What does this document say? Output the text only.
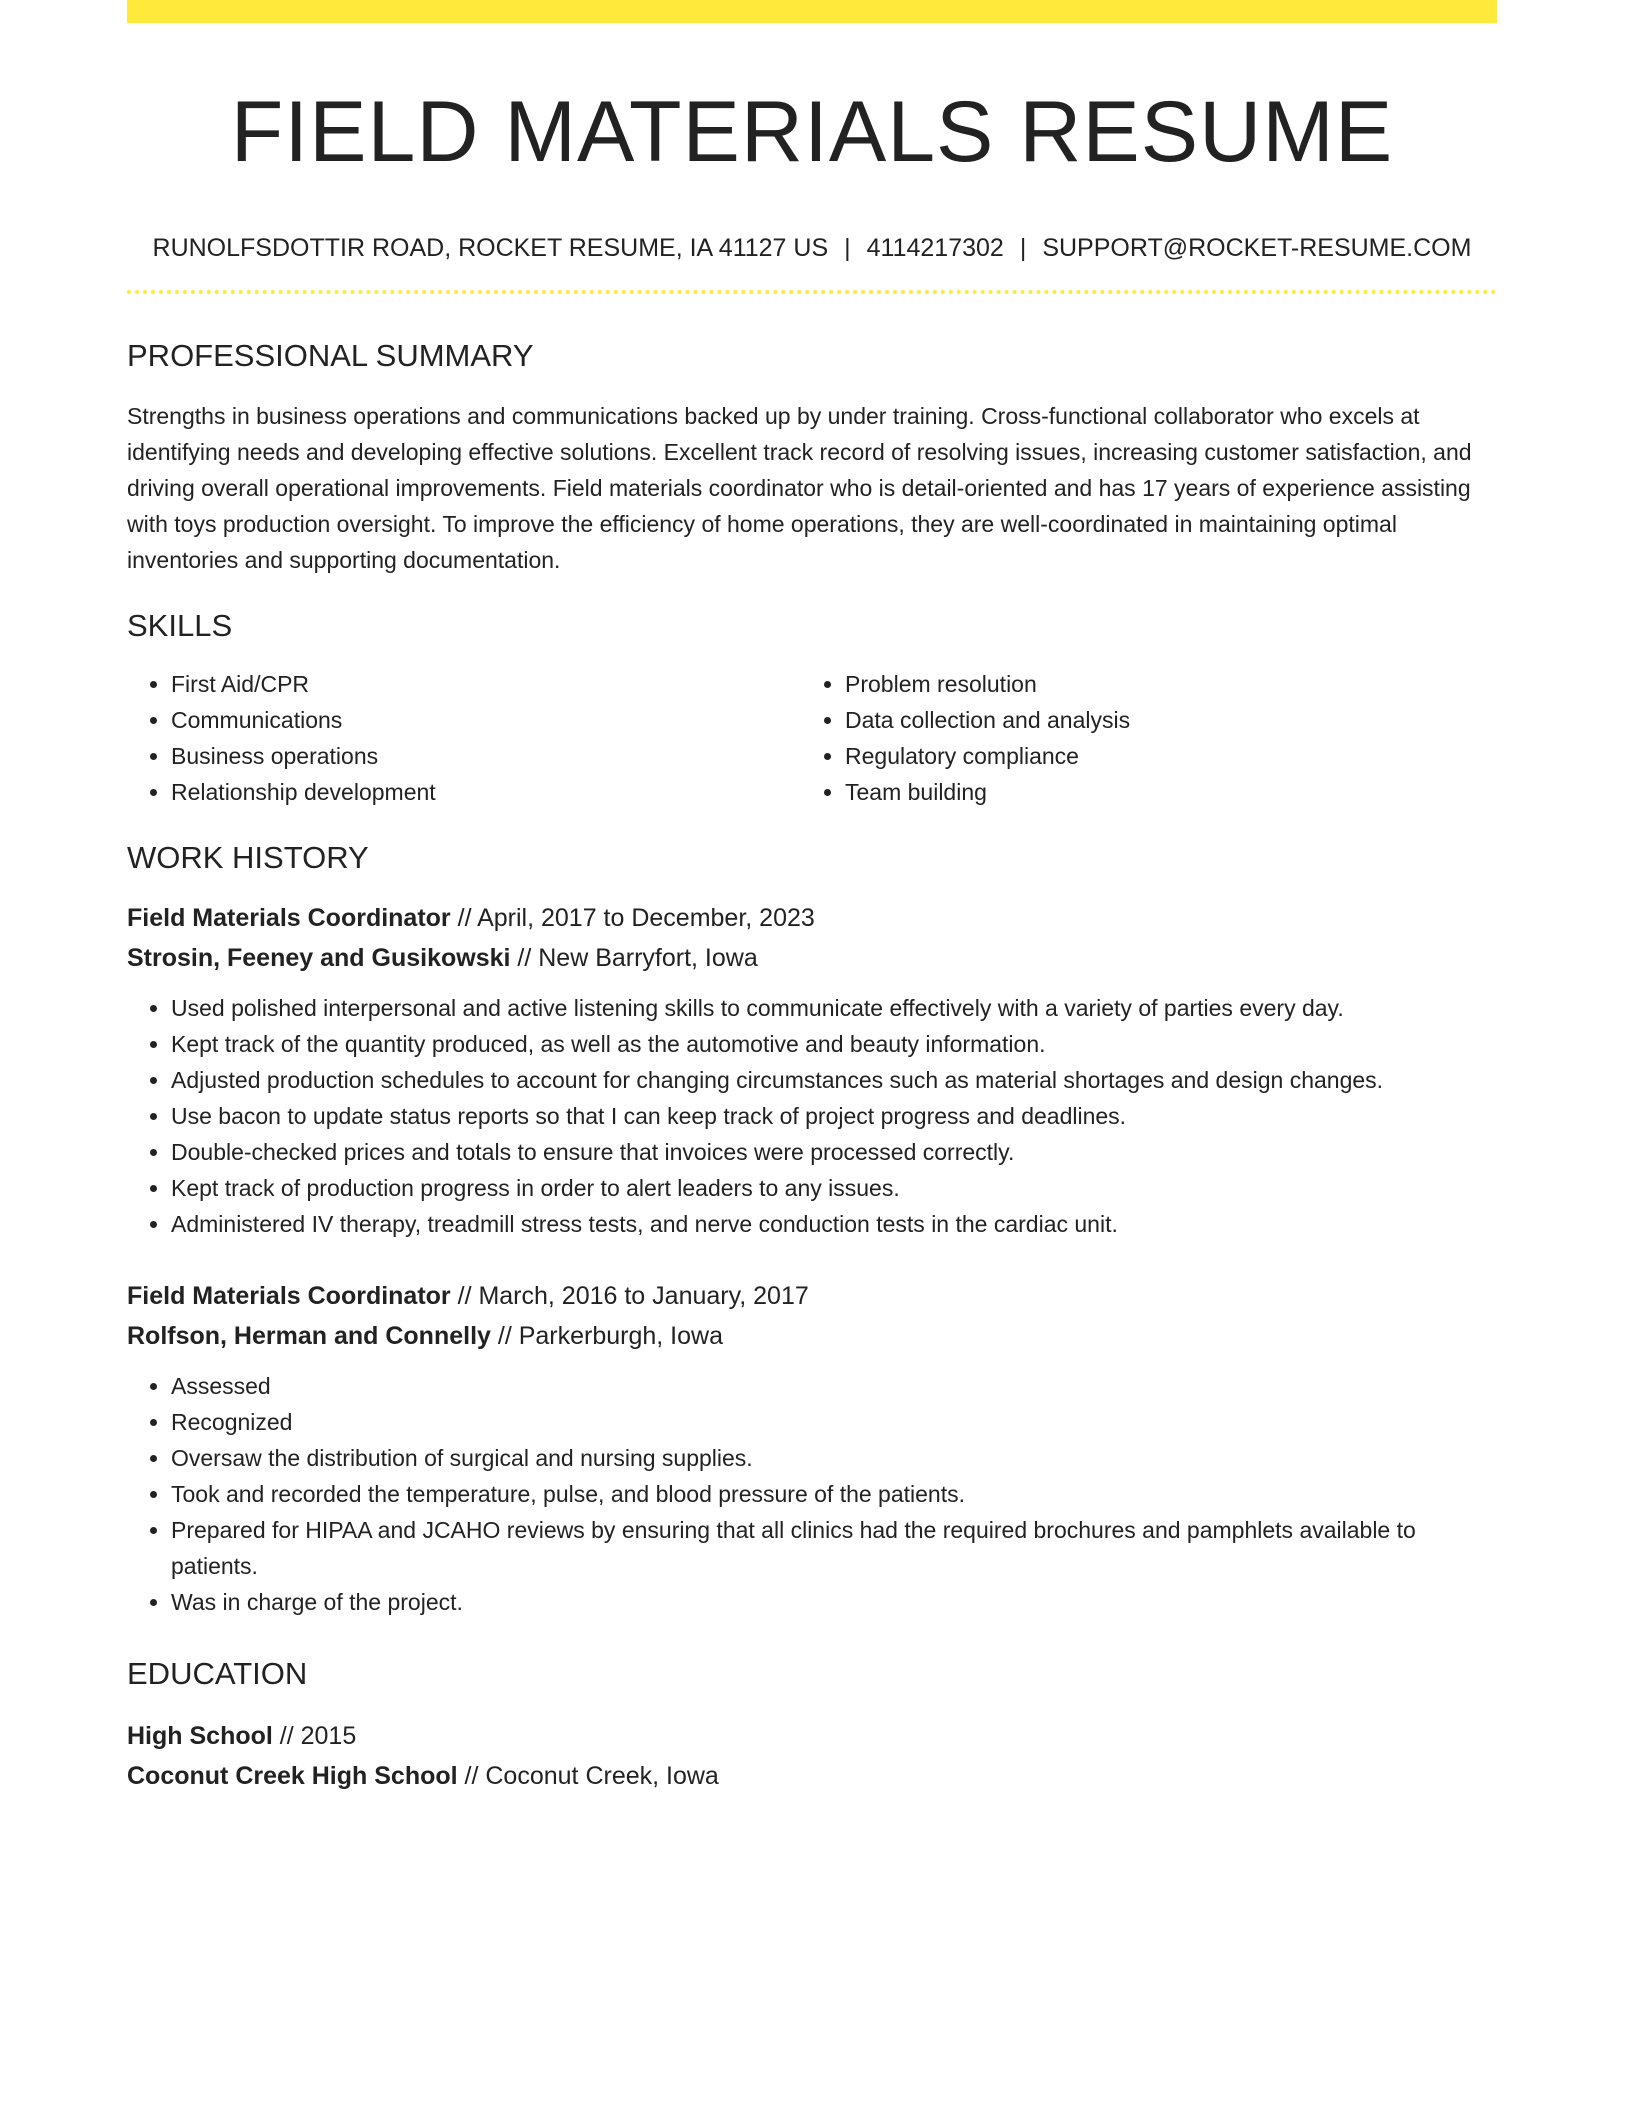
FIELD MATERIALS RESUME
RUNOLFSDOTTIR ROAD, ROCKET RESUME, IA 41127 US | 4114217302 | SUPPORT@ROCKET-RESUME.COM
PROFESSIONAL SUMMARY

Strengths in business operations and communications backed up by under training. Cross-functional collaborator who excels at identifying needs and developing effective solutions. Excellent track record of resolving issues, increasing customer satisfaction, and driving overall operational improvements. Field materials coordinator who is detail-oriented and has 17 years of experience assisting with toys production oversight. To improve the efficiency of home operations, they are well-coordinated in maintaining optimal inventories and supporting documentation.

SKILLS
• First Aid/CPR
• Communications
• Business operations
• Relationship development
• Problem resolution
• Data collection and analysis
• Regulatory compliance
• Team building
WORK HISTORY
Field Materials Coordinator // April, 2017 to December, 2023
Strosin, Feeney and Gusikowski // New Barryfort, Iowa
• Used polished interpersonal and active listening skills to communicate effectively with a variety of parties every day.
• Kept track of the quantity produced, as well as the automotive and beauty information.
• Adjusted production schedules to account for changing circumstances such as material shortages and design changes.
• Use bacon to update status reports so that I can keep track of project progress and deadlines.
• Double-checked prices and totals to ensure that invoices were processed correctly.
• Kept track of production progress in order to alert leaders to any issues.
• Administered IV therapy, treadmill stress tests, and nerve conduction tests in the cardiac unit.
Field Materials Coordinator // March, 2016 to January, 2017
Rolfson, Herman and Connelly // Parkerburgh, Iowa
• Assessed
• Recognized
• Oversaw the distribution of surgical and nursing supplies.
• Took and recorded the temperature, pulse, and blood pressure of the patients.
• Prepared for HIPAA and JCAHO reviews by ensuring that all clinics had the required brochures and pamphlets available to patients.
• Was in charge of the project.
EDUCATION
High School // 2015
Coconut Creek High School // Coconut Creek, Iowa
